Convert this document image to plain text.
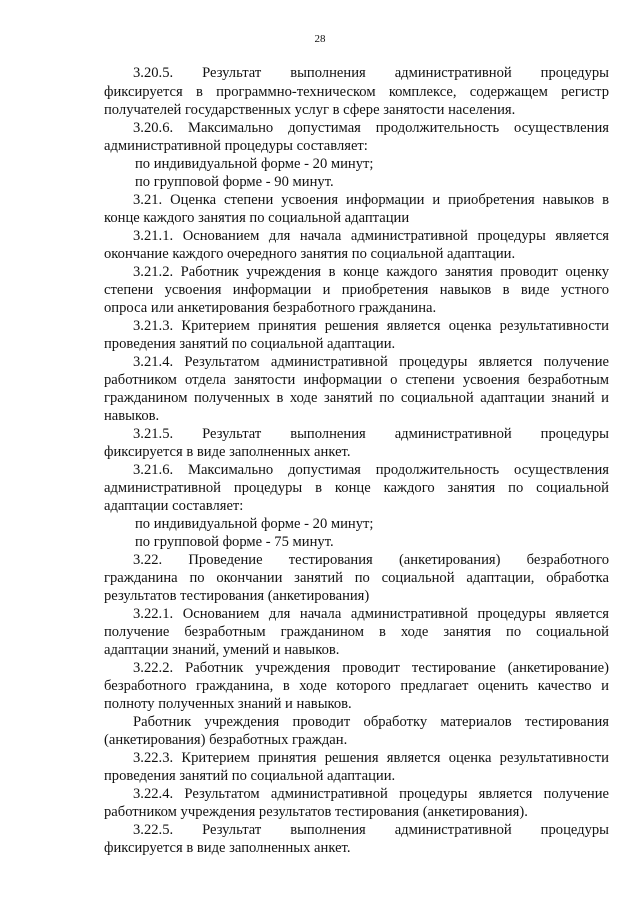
28
3.20.5. Результат выполнения административной процедуры
фиксируется в программно-техническом комплексе, содержащем регистр
получателей государственных услуг в сфере занятости населения.
3.20.6. Максимально допустимая продолжительность осуществления
административной процедуры составляет:
по индивидуальной форме - 20 минут;
по групповой форме - 90 минут.
3.21. Оценка степени усвоения информации и приобретения навыков в
конце каждого занятия по социальной адаптации
3.21.1. Основанием для начала административной процедуры является
окончание каждого очередного занятия по социальной адаптации.
3.21.2. Работник учреждения в конце каждого занятия проводит оценку
степени усвоения информации и приобретения навыков в виде устного
опроса или анкетирования безработного гражданина.
3.21.3. Критерием принятия решения является оценка результативности
проведения занятий по социальной адаптации.
3.21.4. Результатом административной процедуры является получение
работником отдела занятости информации о степени усвоения безработным
гражданином полученных в ходе занятий по социальной адаптации знаний и
навыков.
3.21.5. Результат выполнения административной процедуры
фиксируется в виде заполненных анкет.
3.21.6. Максимально допустимая продолжительность осуществления
административной процедуры в конце каждого занятия по социальной
адаптации составляет:
по индивидуальной форме - 20 минут;
по групповой форме - 75 минут.
3.22. Проведение тестирования (анкетирования) безработного
гражданина по окончании занятий по социальной адаптации, обработка
результатов тестирования (анкетирования)
3.22.1. Основанием для начала административной процедуры является
получение безработным гражданином в ходе занятия по социальной
адаптации знаний, умений и навыков.
3.22.2. Работник учреждения проводит тестирование (анкетирование)
безработного гражданина, в ходе которого предлагает оценить качество и
полноту полученных знаний и навыков.
Работник учреждения проводит обработку материалов тестирования
(анкетирования) безработных граждан.
3.22.3. Критерием принятия решения является оценка результативности
проведения занятий по социальной адаптации.
3.22.4. Результатом административной процедуры является получение
работником учреждения результатов тестирования (анкетирования).
3.22.5. Результат выполнения административной процедуры
фиксируется в виде заполненных анкет.
